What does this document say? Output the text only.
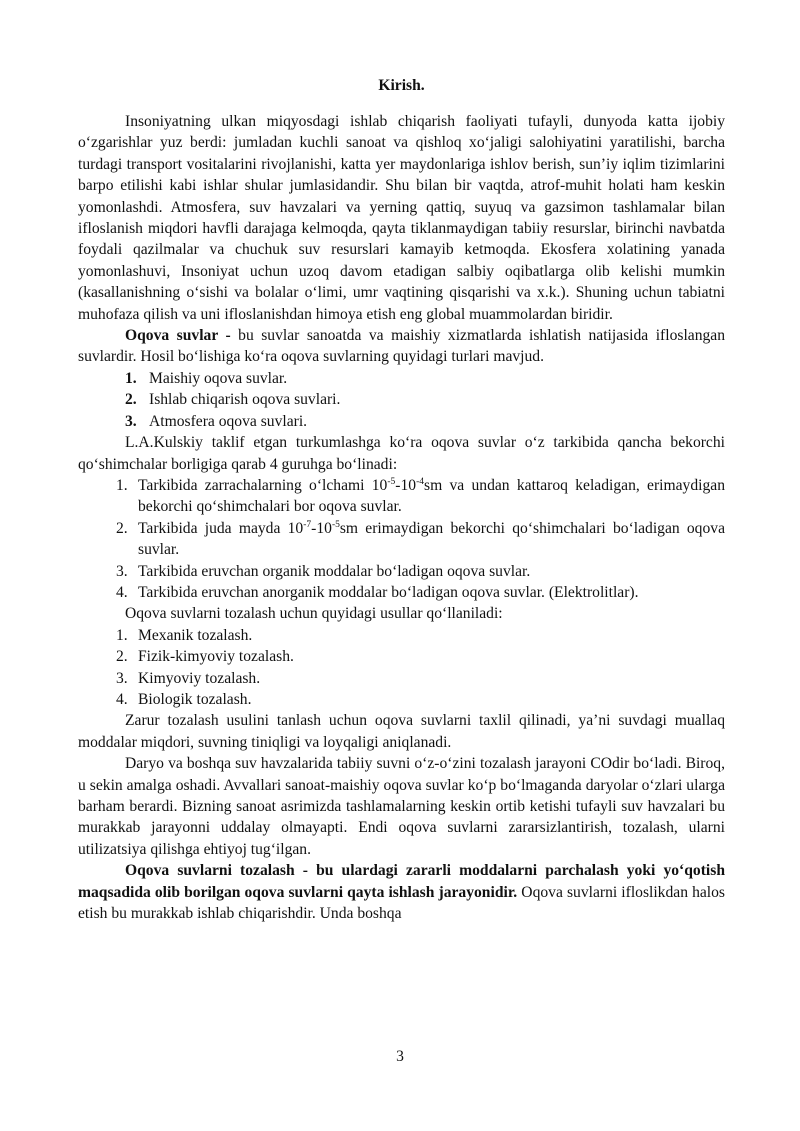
Kirish.

Insoniyatning ulkan miqyosdagi ishlab chiqarish faoliyati tufayli, dunyoda katta ijobiy o‘zgarishlar yuz berdi: jumladan kuchli sanoat va qishloq xo‘jaligi salohiyatini yaratilishi, barcha turdagi transport vositalarini rivojlanishi, katta yer maydonlariga ishlov berish, sun’iy iqlim tizimlarini barpo etilishi kabi ishlar shular jumlasidandir. Shu bilan bir vaqtda, atrof-muhit holati ham keskin yomonlashdi. Atmosfera, suv havzalari va yerning qattiq, suyuq va gazsimon tashlamalar bilan ifloslanish miqdori havfli darajaga kelmoqda, qayta tiklanmaydigan tabiiy resurslar, birinchi navbatda foydali qazilmalar va chuchuk suv resurslari kamayib ketmoqda. Ekosfera xolatining yanada yomonlashuvi, Insoniyat uchun uzoq davom etadigan salbiy oqibatlarga olib kelishi mumkin (kasallanishning o‘sishi va bolalar o‘limi, umr vaqtining qisqarishi va x.k.). Shuning uchun tabiatni muhofaza qilish va uni ifloslanishdan himoya etish eng global muammolardan biridir.

Oqova suvlar - bu suvlar sanoatda va maishiy xizmatlarda ishlatish natijasida ifloslangan suvlardir. Hosil bo‘lishiga ko‘ra oqova suvlarning quyidagi turlari mavjud.

1. Maishiy oqova suvlar.
2. Ishlab chiqarish oqova suvlari.
3. Atmosfera oqova suvlari.

L.A.Kulskiy taklif etgan turkumlashga ko‘ra oqova suvlar o‘z tarkibida qancha bekorchi qo‘shimchalar borligiga qarab 4 guruhga bo‘linadi:

1. Tarkibida zarrachalarning o‘lchami $10^{-5}-10^{-4}sm$ va undan kattaroq keladigan, erimaydigan bekorchi qo‘shimchalari bor oqova suvlar.
2. Tarkibida juda mayda $10^{-7}-10^{-5}sm$ erimaydigan bekorchi qo‘shimchalari bo‘ladigan oqova suvlar.
3. Tarkibida eruvchan organik moddalar bo‘ladigan oqova suvlar.
4. Tarkibida eruvchan anorganik moddalar bo‘ladigan oqova suvlar. (Elektrolitlar).

Oqova suvlarni tozalash uchun quyidagi usullar qo‘llaniladi:

1. Mexanik tozalash.
2. Fizik-kimyoviy tozalash.
3. Kimyoviy tozalash.
4. Biologik tozalash.

Zarur tozalash usulini tanlash uchun oqova suvlarni taxlil qilinadi, ya’ni suvdagi muallaq moddalar miqdori, suvning tiniqligi va loyqaligi aniqlanadi.

Daryo va boshqa suv havzalarida tabiiy suvni o‘z-o‘zini tozalash jarayoni COdir bo‘ladi. Biroq, u sekin amalga oshadi. Avvallari sanoat-maishiy oqova suvlar ko‘p bo‘lmaganda daryolar o‘zlari ularga barham berardi. Bizning sanoat asrimizda tashlamalarning keskin ortib ketishi tufayli suv havzalari bu murakkab jarayonni uddalay olmayapti. Endi oqova suvlarni zararsizlantirish, tozalash, ularni utilizatsiya qilishga ehtiyoj tug‘ilgan.

Oqova suvlarni tozalash - bu ulardagi zararli moddalarni parchalash yoki yo‘qotish maqsadida olib borilgan oqova suvlarni qayta ishlash jarayonidir. Oqova suvlarni ifloslikdan halos etish bu murakkab ishlab chiqarishdir. Unda boshqa

3
